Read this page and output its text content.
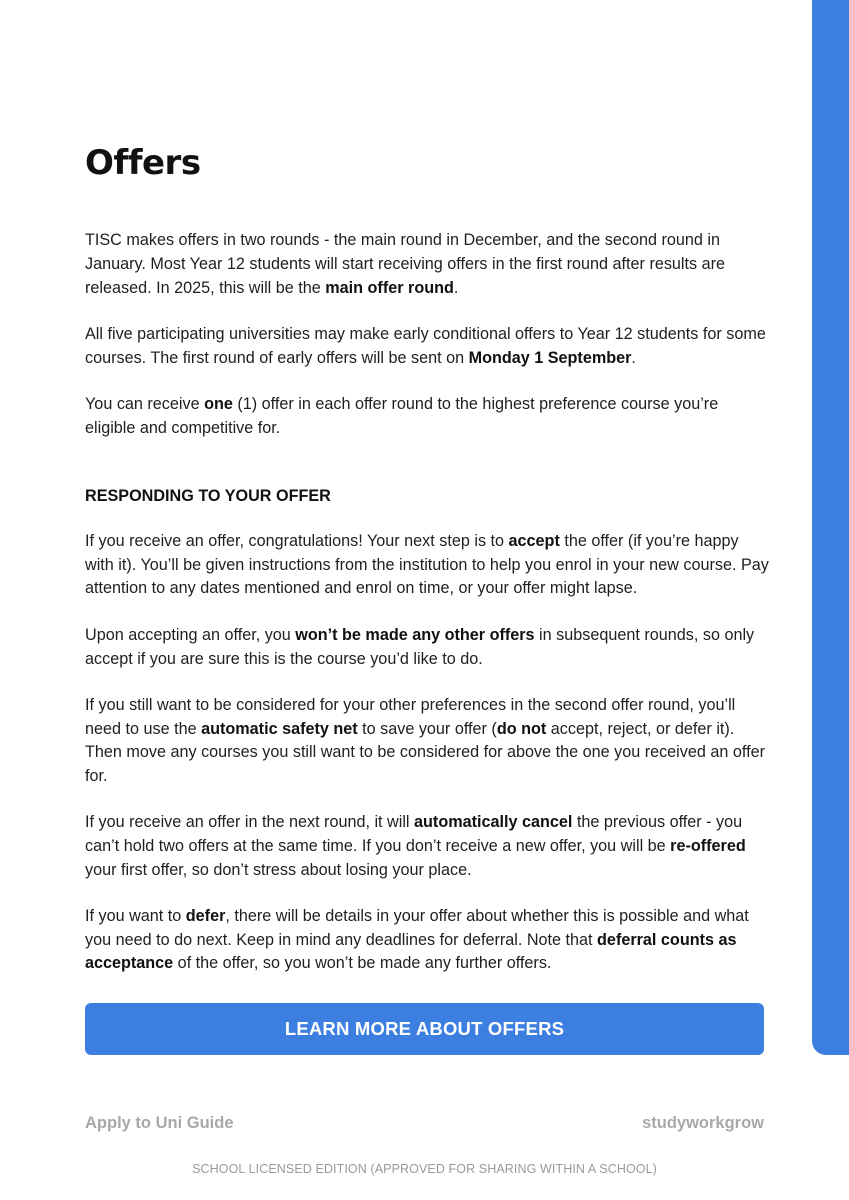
Offers

TISC makes offers in two rounds - the main round in December, and the second round in January. Most Year 12 students will start receiving offers in the first round after results are released. In 2025, this will be the main offer round.

All five participating universities may make early conditional offers to Year 12 students for some courses. The first round of early offers will be sent on Monday 1 September.

You can receive one (1) offer in each offer round to the highest preference course you’re eligible and competitive for.

RESPONDING TO YOUR OFFER

If you receive an offer, congratulations! Your next step is to accept the offer (if you’re happy with it). You’ll be given instructions from the institution to help you enrol in your new course. Pay attention to any dates mentioned and enrol on time, or your offer might lapse.

Upon accepting an offer, you won’t be made any other offers in subsequent rounds, so only accept if you are sure this is the course you’d like to do.

If you still want to be considered for your other preferences in the second offer round, you’ll need to use the automatic safety net to save your offer (do not accept, reject, or defer it). Then move any courses you still want to be considered for above the one you received an offer for.

If you receive an offer in the next round, it will automatically cancel the previous offer - you can’t hold two offers at the same time. If you don’t receive a new offer, you will be re-offered your first offer, so don’t stress about losing your place.

If you want to defer, there will be details in your offer about whether this is possible and what you need to do next. Keep in mind any deadlines for deferral. Note that deferral counts as acceptance of the offer, so you won’t be made any further offers.

LEARN MORE ABOUT OFFERS
Apply to Uni Guide	studyworkgrow
SCHOOL LICENSED EDITION (APPROVED FOR SHARING WITHIN A SCHOOL)
